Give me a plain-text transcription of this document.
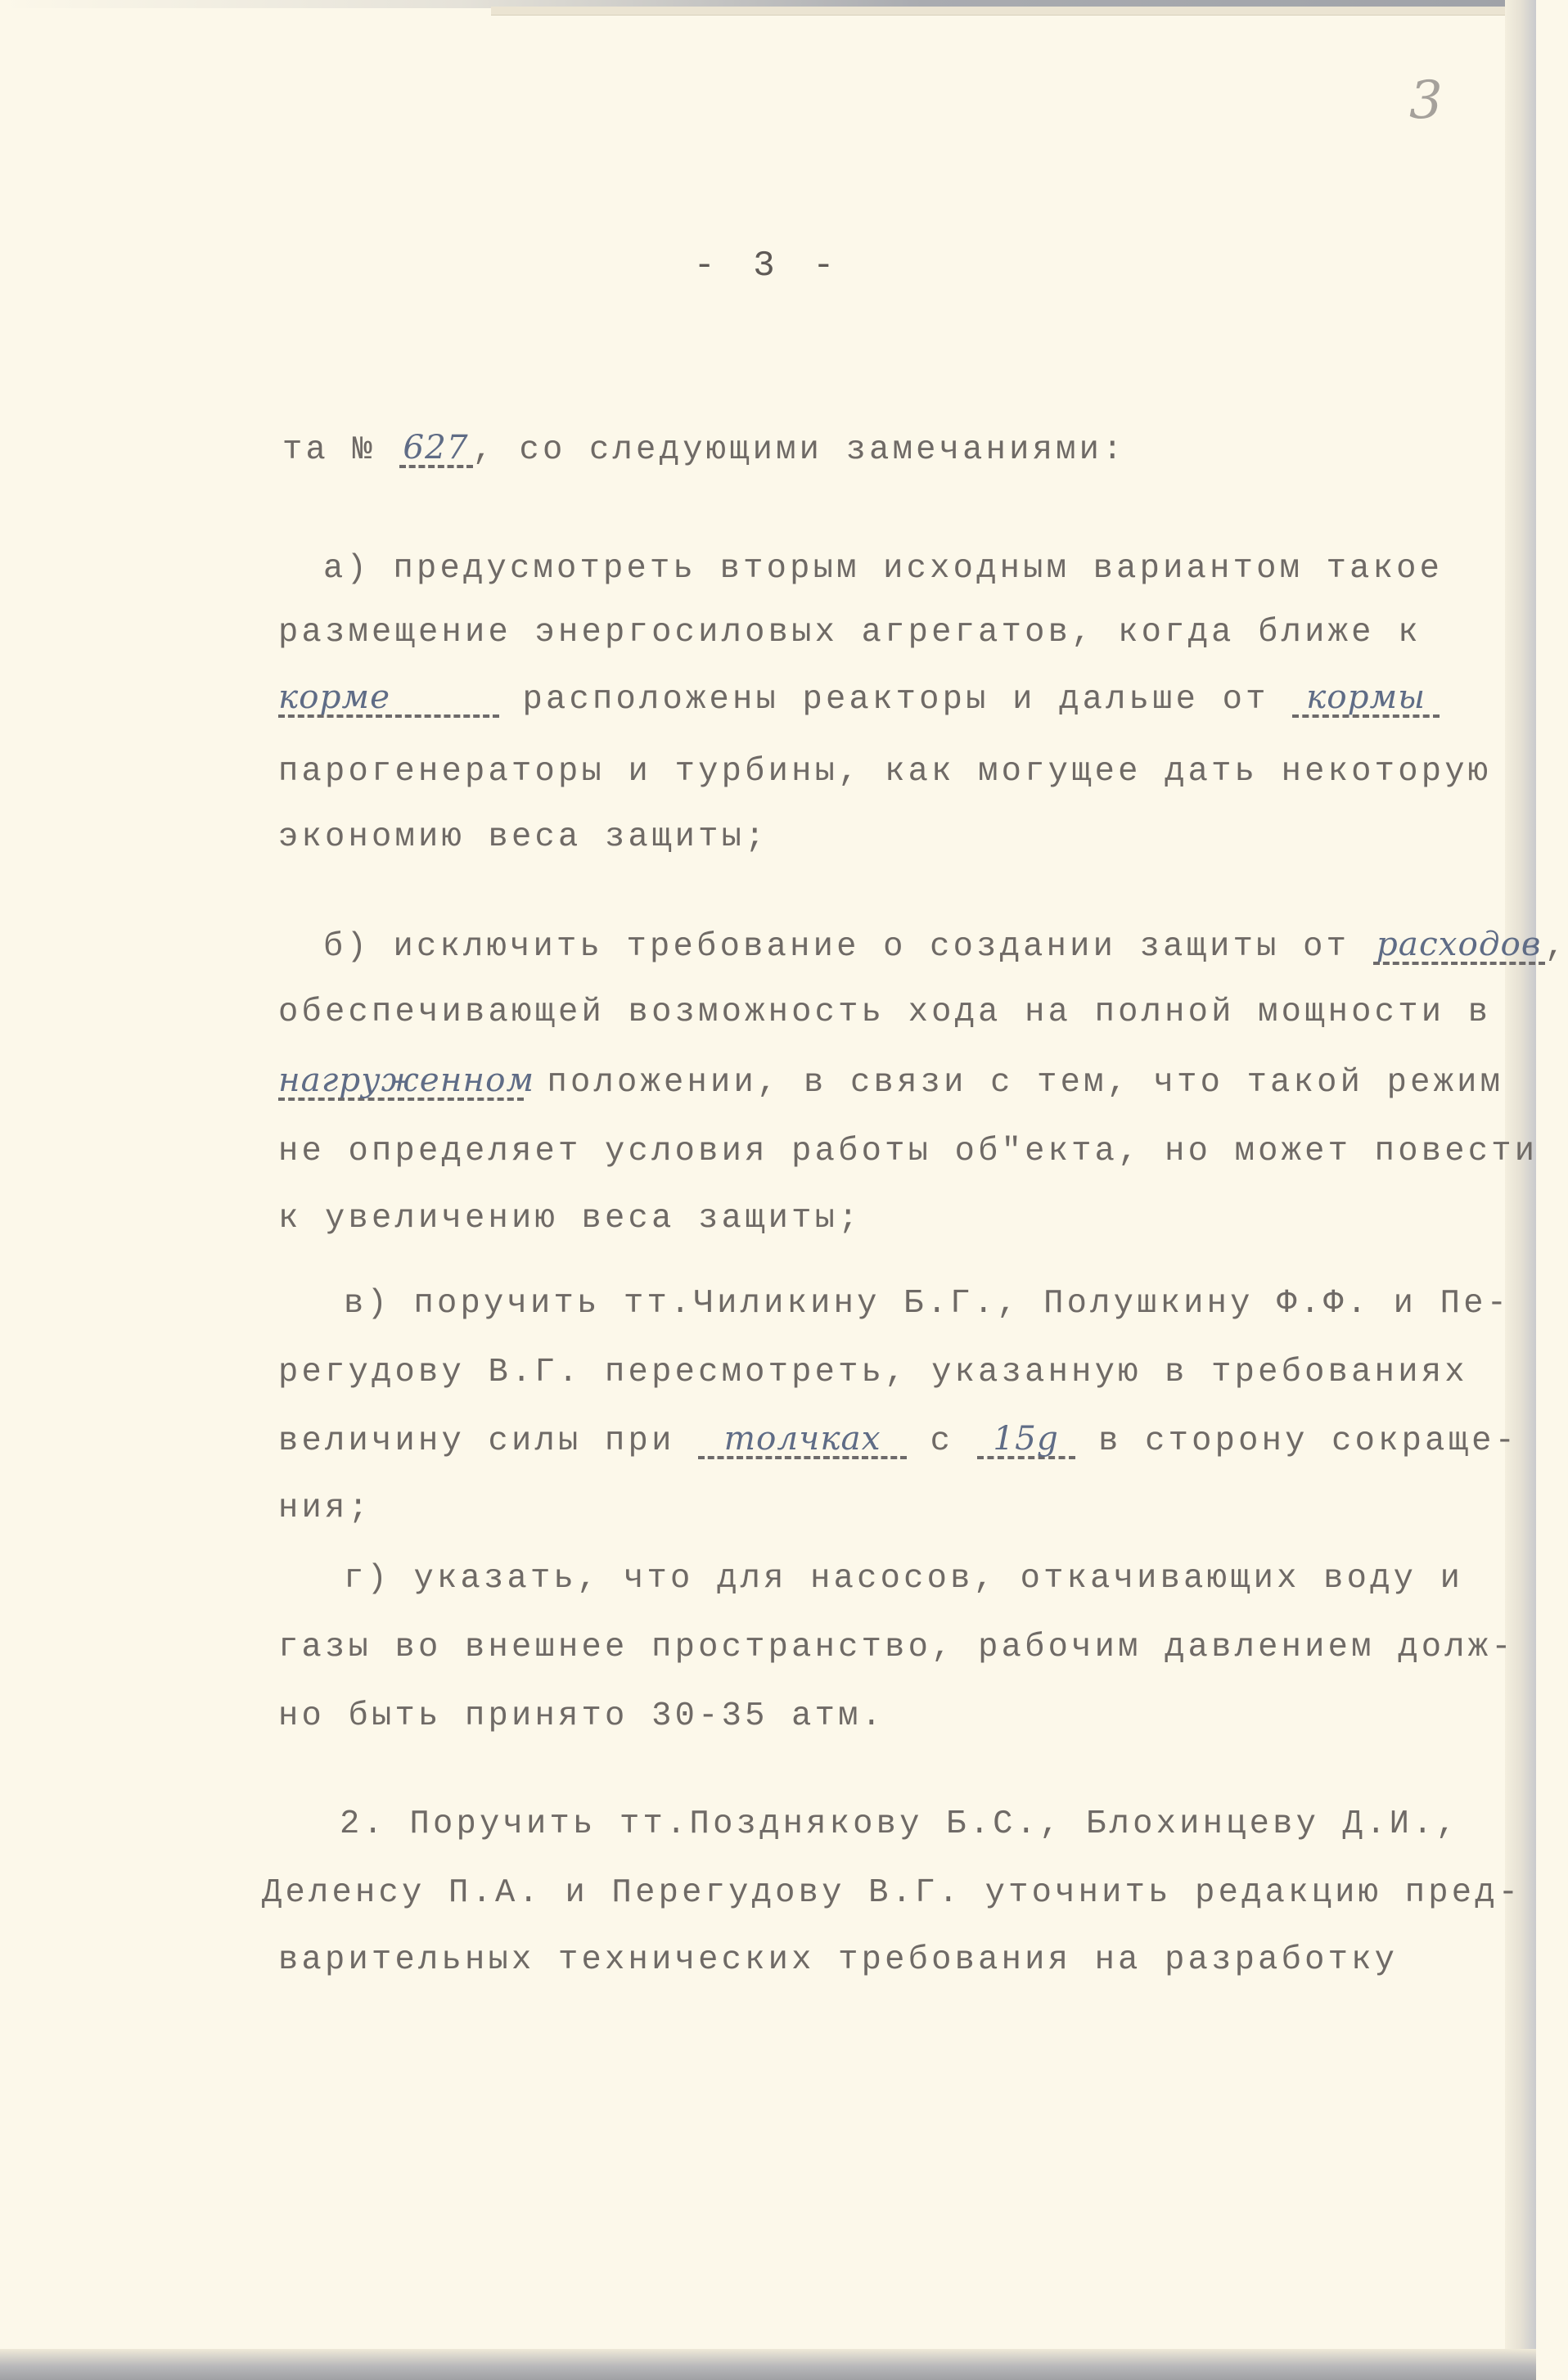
3
- 3 -
та № 627 , со следующими замечаниями:
а) предусмотреть вторым исходным вариантом такое
размещение энергосиловых агрегатов, когда ближе к
корме	расположены реакторы и дальше от кормы
парогенераторы и турбины, как могущее дать некоторую
экономию веса защиты;
б) исключить требование о создании защиты от расходов ,
обеспечивающей возможность хода на полной мощности в
нагруженном положении, в связи с тем, что такой режим
не определяет условия работы об"екта, но может повести
к увеличению веса защиты;
в) поручить тт.Чиликину Б.Г., Полушкину Ф.Ф. и Пе-
регудову В.Г. пересмотреть, указанную в требованиях
величину силы при толчках с 15g в сторону сокраще-
ния;
г) указать, что для насосов, откачивающих воду и
газы во внешнее пространство, рабочим давлением долж-
но быть принято 30-35 атм.
2. Поручить тт.Позднякову Б.С., Блохинцеву Д.И.,
Деленсу П.А. и Перегудову В.Г. уточнить редакцию пред-
варительных технических требования на разработку
